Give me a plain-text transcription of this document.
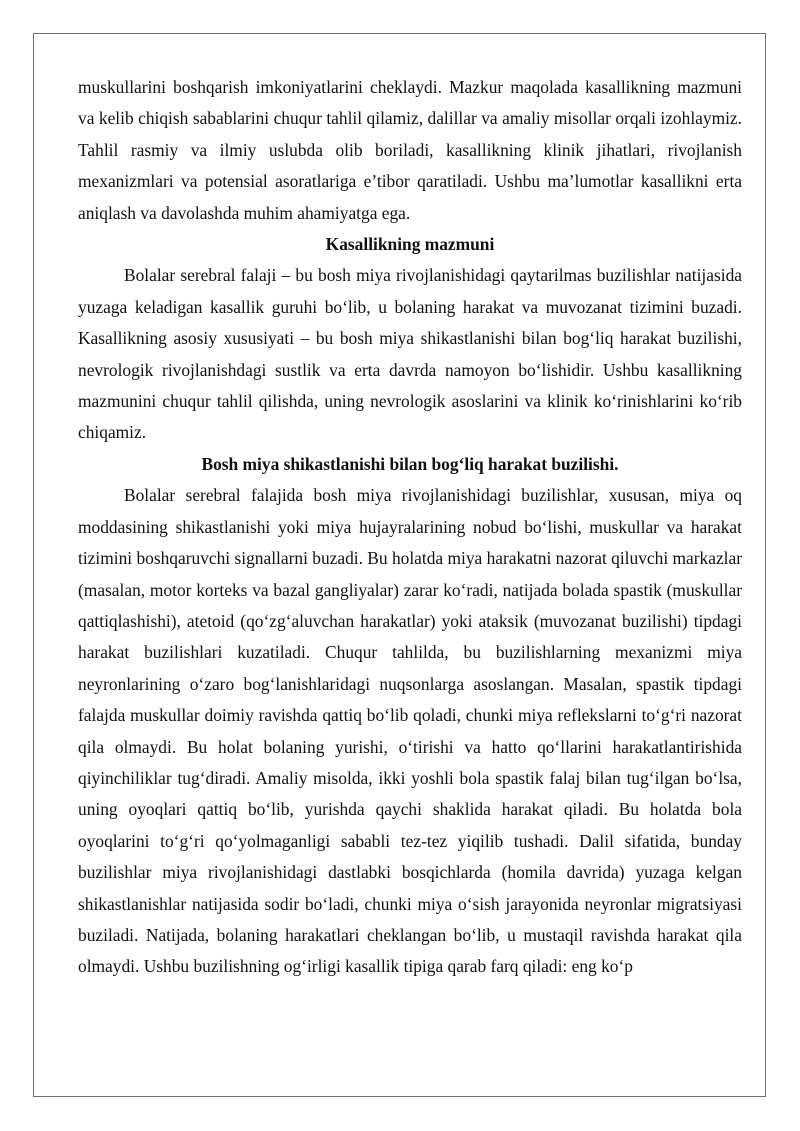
muskullarini boshqarish imkoniyatlarini cheklaydi. Mazkur maqolada kasallikning mazmuni va kelib chiqish sabablarini chuqur tahlil qilamiz, dalillar va amaliy misollar orqali izohlaymiz. Tahlil rasmiy va ilmiy uslubda olib boriladi, kasallikning klinik jihatlari, rivojlanish mexanizmlari va potensial asoratlariga e’tibor qaratiladi. Ushbu ma’lumotlar kasallikni erta aniqlash va davolashda muhim ahamiyatga ega.

Kasallikning mazmuni

Bolalar serebral falaji – bu bosh miya rivojlanishidagi qaytarilmas buzilishlar natijasida yuzaga keladigan kasallik guruhi bo‘lib, u bolaning harakat va muvozanat tizimini buzadi. Kasallikning asosiy xususiyati – bu bosh miya shikastlanishi bilan bog‘liq harakat buzilishi, nevrologik rivojlanishdagi sustlik va erta davrda namoyon bo‘lishidir. Ushbu kasallikning mazmunini chuqur tahlil qilishda, uning nevrologik asoslarini va klinik ko‘rinishlarini ko‘rib chiqamiz.

Bosh miya shikastlanishi bilan bog‘liq harakat buzilishi.

Bolalar serebral falajida bosh miya rivojlanishidagi buzilishlar, xususan, miya oq moddasining shikastlanishi yoki miya hujayralarining nobud bo‘lishi, muskullar va harakat tizimini boshqaruvchi signallarni buzadi. Bu holatda miya harakatni nazorat qiluvchi markazlar (masalan, motor korteks va bazal gangliyalar) zarar ko‘radi, natijada bolada spastik (muskullar qattiqlashishi), atetoid (qo‘zg‘aluvchan harakatlar) yoki ataksik (muvozanat buzilishi) tipdagi harakat buzilishlari kuzatiladi. Chuqur tahlilda, bu buzilishlarning mexanizmi miya neyronlarining o‘zaro bog‘lanishlaridagi nuqsonlarga asoslangan. Masalan, spastik tipdagi falajda muskullar doimiy ravishda qattiq bo‘lib qoladi, chunki miya reflekslarni to‘g‘ri nazorat qila olmaydi. Bu holat bolaning yurishi, o‘tirishi va hatto qo‘llarini harakatlantirishida qiyinchiliklar tug‘diradi. Amaliy misolda, ikki yoshli bola spastik falaj bilan tug‘ilgan bo‘lsa, uning oyoqlari qattiq bo‘lib, yurishda qaychi shaklida harakat qiladi. Bu holatda bola oyoqlarini to‘g‘ri qo‘yolmaganligi sababli tez-tez yiqilib tushadi. Dalil sifatida, bunday buzilishlar miya rivojlanishidagi dastlabki bosqichlarda (homila davrida) yuzaga kelgan shikastlanishlar natijasida sodir bo‘ladi, chunki miya o‘sish jarayonida neyronlar migratsiyasi buziladi. Natijada, bolaning harakatlari cheklangan bo‘lib, u mustaqil ravishda harakat qila olmaydi. Ushbu buzilishning og‘irligi kasallik tipiga qarab farq qiladi: eng ko‘p
